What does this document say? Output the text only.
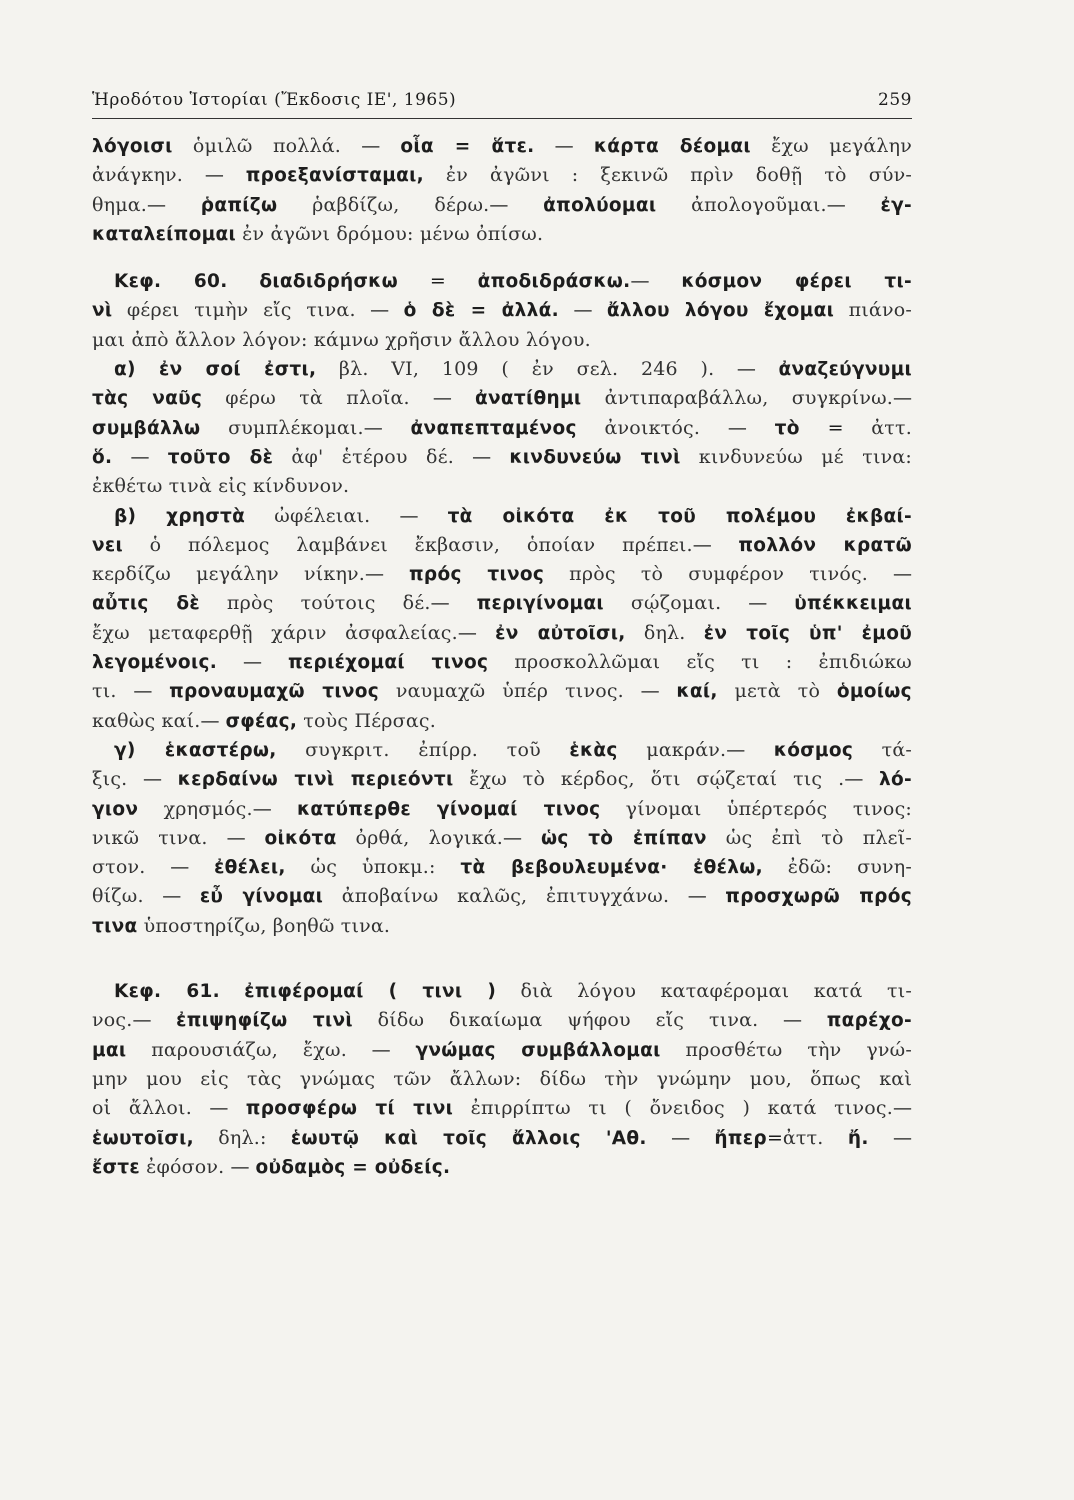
Ἡροδότου Ἱστορίαι (Ἔκδοσις ΙΕ', 1965)	259
λόγοισι ὁμιλῶ πολλά. — οἷα = ἅτε. — κάρτα δέομαι ἔχω μεγάλην
ἀνάγκην. — προεξανίσταμαι, ἐν ἀγῶνι : ξεκινῶ πρὶν δοθῇ τὸ σύν-
θημα.— ῥαπίζω ῥαβδίζω, δέρω.— ἀπολύομαι ἀπολογοῦμαι.— ἐγ-
καταλείπομαι ἐν ἀγῶνι δρόμου: μένω ὀπίσω.
Κεφ. 60. διαδιδρήσκω = ἀποδιδράσκω.— κόσμον φέρει τι-
νὶ φέρει τιμὴν εἴς τινα. — ὁ δὲ = ἀλλά. — ἄλλου λόγου ἔχομαι πιάνο-
μαι ἀπὸ ἄλλον λόγον: κάμνω χρῆσιν ἄλλου λόγου.
α) ἐν σοί ἐστι, βλ. VI, 109 ( ἐν σελ. 246 ). — ἀναζεύγνυμι
τὰς ναῦς φέρω τὰ πλοῖα. — ἀνατίθημι ἀντιπαραβάλλω, συγκρίνω.—
συμβάλλω συμπλέκομαι.— ἀναπεπταμένος ἀνοικτός. — τὸ = ἀττ.
ὅ. — τοῦτο δὲ ἀφ' ἑτέρου δέ. — κινδυνεύω τινὶ κινδυνεύω μέ τινα:
ἐκθέτω τινὰ εἰς κίνδυνον.
β) χρηστὰ ὠφέλειαι. — τὰ οἰκότα ἐκ τοῦ πολέμου ἐκβαί-
νει ὁ πόλεμος λαμβάνει ἔκβασιν, ὁποίαν πρέπει.— πολλόν κρατῶ
κερδίζω μεγάλην νίκην.— πρός τινος πρὸς τὸ συμφέρον τινός. —
αὖτις δὲ πρὸς τούτοις δέ.— περιγίνομαι σῴζομαι. — ὑπέκκειμαι
ἔχω μεταφερθῇ χάριν ἀσφαλείας.— ἐν αὐτοῖσι, δηλ. ἐν τοῖς ὑπ' ἐμοῦ
λεγομένοις. — περιέχομαί τινος προσκολλῶμαι εἴς τι : ἐπιδιώκω
τι. — προναυμαχῶ τινος ναυμαχῶ ὑπέρ τινος. — καί, μετὰ τὸ ὁμοίως
καθὼς καί.— σφέας, τοὺς Πέρσας.
γ) ἑκαστέρω, συγκριτ. ἐπίρρ. τοῦ ἑκὰς μακράν.— κόσμος τά-
ξις. — κερδαίνω τινὶ περιεόντι ἔχω τὸ κέρδος, ὅτι σῴζεταί τις .— λό-
γιον χρησμός.— κατύπερθε γίνομαί τινος γίνομαι ὑπέρτερός τινος:
νικῶ τινα. — οἰκότα ὀρθά, λογικά.— ὡς τὸ ἐπίπαν ὡς ἐπὶ τὸ πλεῖ-
στον. — ἐθέλει, ὡς ὑποκμ.: τὰ βεβουλευμένα· ἐθέλω, ἐδῶ: συνη-
θίζω. — εὖ γίνομαι ἀποβαίνω καλῶς, ἐπιτυγχάνω. — προσχωρῶ πρός
τινα ὑποστηρίζω, βοηθῶ τινα.
Κεφ. 61. ἐπιφέρομαί ( τινι ) διὰ λόγου καταφέρομαι κατά τι-
νος.— ἐπιψηφίζω τινὶ δίδω δικαίωμα ψήφου εἴς τινα. — παρέχο-
μαι παρουσιάζω, ἔχω. — γνώμας συμβάλλομαι προσθέτω τὴν γνώ-
μην μου εἰς τὰς γνώμας τῶν ἄλλων: δίδω τὴν γνώμην μου, ὅπως καὶ
οἱ ἄλλοι. — προσφέρω τί τινι ἐπιρρίπτω τι ( ὄνειδος ) κατά τινος.—
ἑωυτοῖσι, δηλ.: ἑωυτῷ καὶ τοῖς ἄλλοις 'Αθ. — ἤπερ=ἀττ. ἤ. —
ἔστε ἐφόσον. — οὐδαμὸς = οὐδείς.
